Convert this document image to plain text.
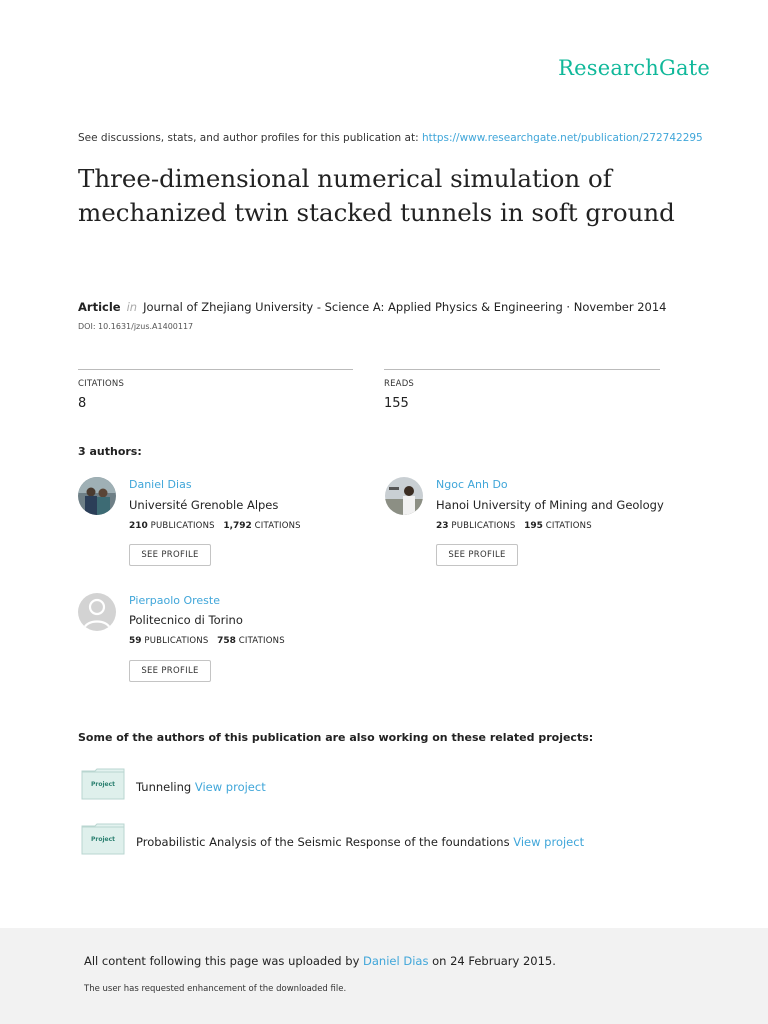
ResearchGate
See discussions, stats, and author profiles for this publication at: https://www.researchgate.net/publication/272742295
Three-dimensional numerical simulation of mechanized twin stacked tunnels in soft ground
Article in Journal of Zhejiang University - Science A: Applied Physics & Engineering · November 2014
DOI: 10.1631/jzus.A1400117
CITATIONS
8
READS
155
3 authors:
Daniel Dias
Université Grenoble Alpes
210 PUBLICATIONS 1,792 CITATIONS
SEE PROFILE
Ngoc Anh Do
Hanoi University of Mining and Geology
23 PUBLICATIONS 195 CITATIONS
SEE PROFILE
Pierpaolo Oreste
Politecnico di Torino
59 PUBLICATIONS 758 CITATIONS
SEE PROFILE
Some of the authors of this publication are also working on these related projects:
Project	Tunneling View project
Project	Probabilistic Analysis of the Seismic Response of the foundations View project
All content following this page was uploaded by Daniel Dias on 24 February 2015.
The user has requested enhancement of the downloaded file.
